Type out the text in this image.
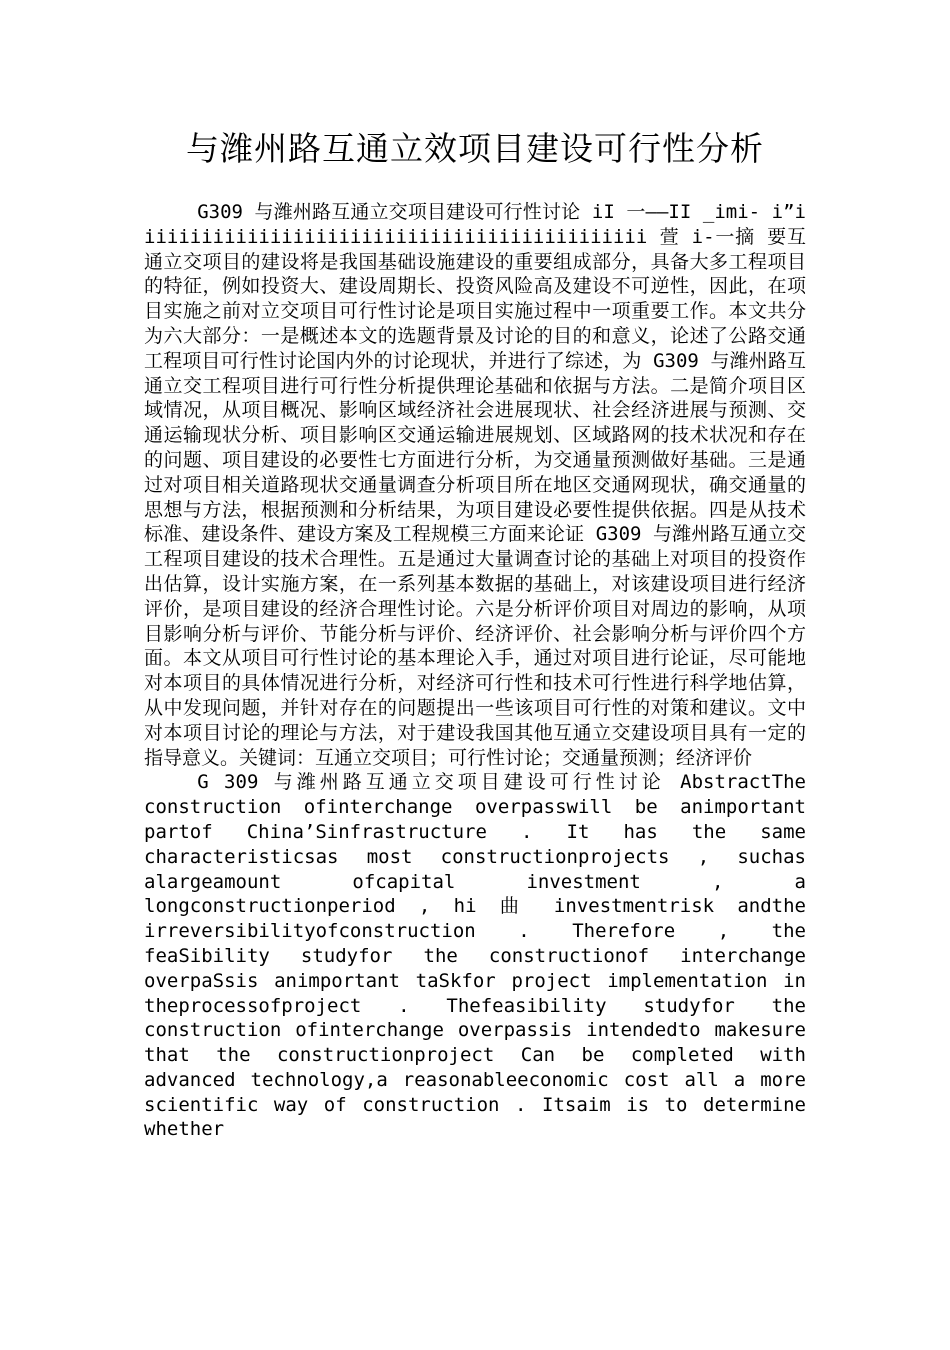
与潍州路互通立效项目建设可行性分析

G309 与潍州路互通立交项目建设可行性讨论 iI 一——II _imi- i”iiiiiiiiiiiiiiiiiiiiiiiiiiiiiiiiiiiiiiiiiiiii 萱 i-一摘 要互通立交项目的建设将是我国基础设施建设的重要组成部分，具备大多工程项目的特征，例如投资大、建设周期长、投资风险高及建设不可逆性，因此，在项目实施之前对立交项目可行性讨论是项目实施过程中一项重要工作。本文共分为六大部分：一是概述本文的选题背景及讨论的目的和意义，论述了公路交通工程项目可行性讨论国内外的讨论现状，并进行了综述，为 G309 与潍州路互通立交工程项目进行可行性分析提供理论基础和依据与方法。二是简介项目区域情况，从项目概况、影响区域经济社会进展现状、社会经济进展与预测、交通运输现状分析、项目影响区交通运输进展规划、区域路网的技术状况和存在的问题、项目建设的必要性七方面进行分析，为交通量预测做好基础。三是通过对项目相关道路现状交通量调查分析项目所在地区交通网现状，确交通量的思想与方法，根据预测和分析结果，为项目建设必要性提供依据。四是从技术标准、建设条件、建设方案及工程规模三方面来论证 G309 与潍州路互通立交工程项目建设的技术合理性。五是通过大量调查讨论的基础上对项目的投资作出估算，设计实施方案，在一系列基本数据的基础上，对该建设项目进行经济评价，是项目建设的经济合理性讨论。六是分析评价项目对周边的影响，从项目影响分析与评价、节能分析与评价、经济评价、社会影响分析与评价四个方面。本文从项目可行性讨论的基本理论入手，通过对项目进行论证，尽可能地对本项目的具体情况进行分析，对经济可行性和技术可行性进行科学地估算，从中发现问题，并针对存在的问题提出一些该项目可行性的对策和建议。文中对本项目讨论的理论与方法，对于建设我国其他互通立交建设项目具有一定的指导意义。关键词：互通立交项目；可行性讨论；交通量预测；经济评价

G 309 与潍州路互通立交项目建设可行性讨论 AbstractThe construction ofinterchange overpasswill be animportant partof China’Sinfrastructure . It has the same characteristicsas most constructionprojects , suchas alargeamount ofcapital investment , a longconstructionperiod , hi 曲 investmentrisk andthe irreversibilityofconstruction . Therefore , the feaSibility studyfor the constructionof interchange overpaSsis animportant taSkfor project implementation in theprocessofproject . Thefeasibility studyfor the construction ofinterchange overpassis intendedto makesure that the constructionproject Can be completed with advanced technology,a reasonableeconomic cost all a more scientific way of construction . Itsaim is to determine whether
